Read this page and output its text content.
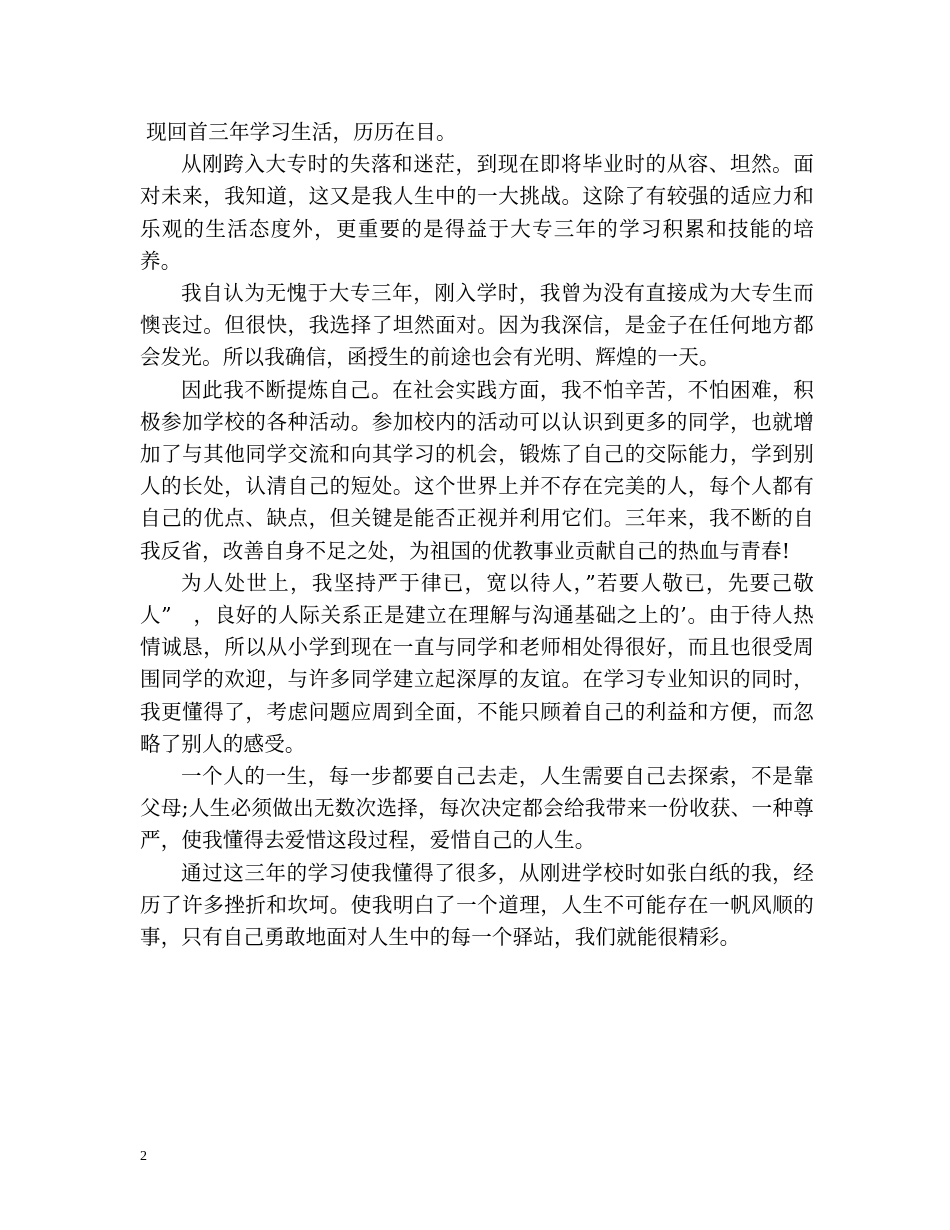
现回首三年学习生活，历历在目。

从刚跨入大专时的失落和迷茫，到现在即将毕业时的从容、坦然。面对未来，我知道，这又是我人生中的一大挑战。这除了有较强的适应力和乐观的生活态度外，更重要的是得益于大专三年的学习积累和技能的培养。

我自认为无愧于大专三年，刚入学时，我曾为没有直接成为大专生而懊丧过。但很快，我选择了坦然面对。因为我深信，是金子在任何地方都会发光。所以我确信，函授生的前途也会有光明、辉煌的一天。

因此我不断提炼自己。在社会实践方面，我不怕辛苦，不怕困难，积极参加学校的各种活动。参加校内的活动可以认识到更多的同学，也就增加了与其他同学交流和向其学习的机会，锻炼了自己的交际能力，学到别人的长处，认清自己的短处。这个世界上并不存在完美的人，每个人都有自己的优点、缺点，但关键是能否正视并利用它们。三年来，我不断的自我反省，改善自身不足之处，为祖国的优教事业贡献自己的热血与青春!

为人处世上，我坚持严于律已，宽以待人，”若要人敬已，先要己敬人”　，良好的人际关系正是建立在理解与沟通基础之上的’。由于待人热情诚恳，所以从小学到现在一直与同学和老师相处得很好，而且也很受周围同学的欢迎，与许多同学建立起深厚的友谊。在学习专业知识的同时，我更懂得了，考虑问题应周到全面，不能只顾着自己的利益和方便，而忽略了别人的感受。

一个人的一生，每一步都要自己去走，人生需要自己去探索，不是靠父母;人生必须做出无数次选择，每次决定都会给我带来一份收获、一种尊严，使我懂得去爱惜这段过程，爱惜自己的人生。

通过这三年的学习使我懂得了很多，从刚进学校时如张白纸的我，经历了许多挫折和坎坷。使我明白了一个道理，人生不可能存在一帆风顺的事，只有自己勇敢地面对人生中的每一个驿站，我们就能很精彩。

2
